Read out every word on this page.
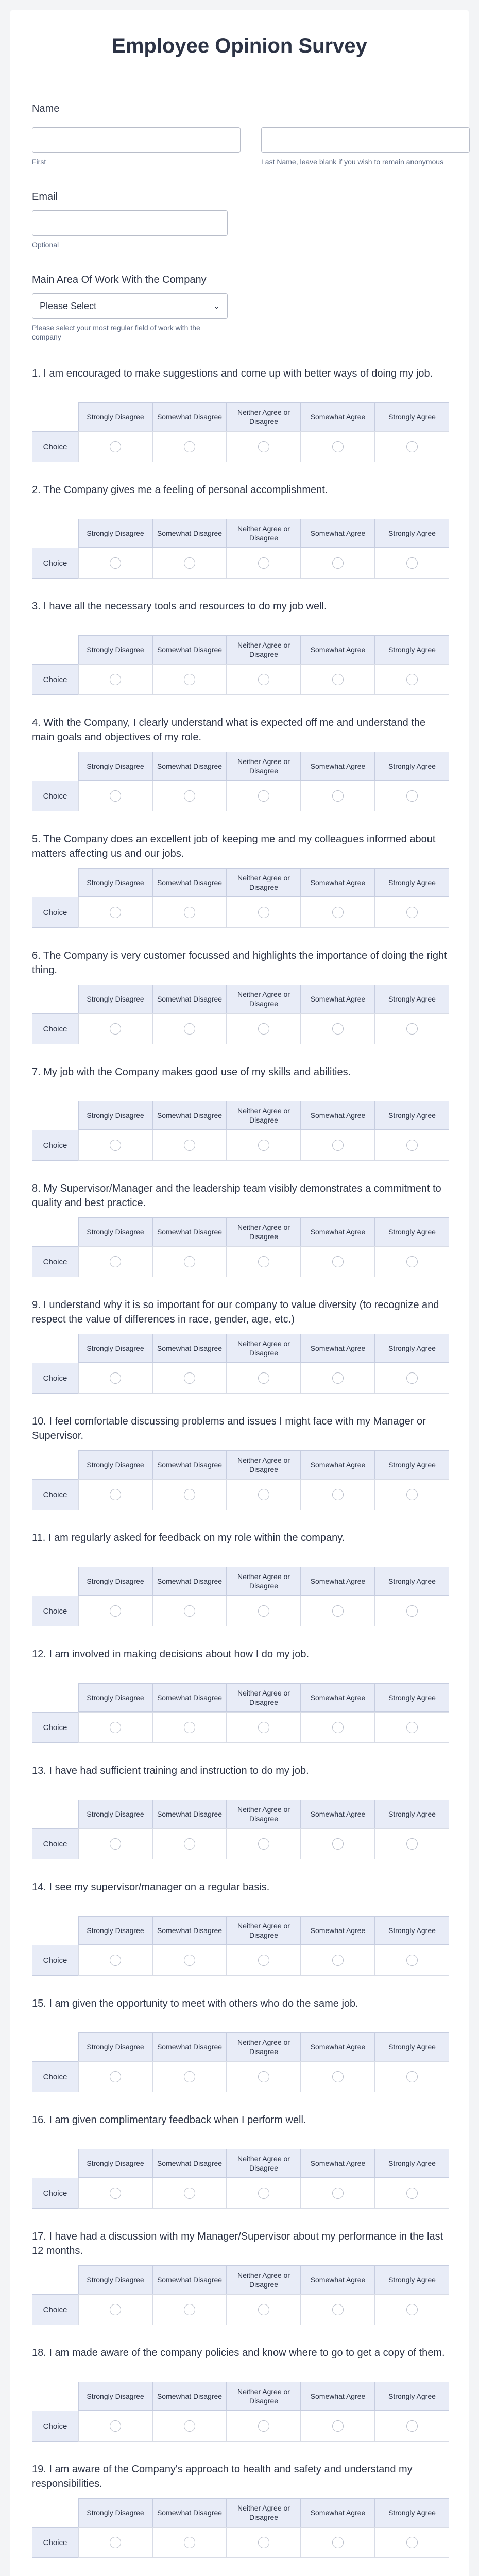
Employee Opinion Survey
Name
First	Last Name, leave blank if you wish to remain anonymous
Email
Optional
Main Area Of Work With the Company
Please Select	⌄
Please select your most regular field of work with the company
1. I am encouraged to make suggestions and come up with better ways of doing my job.
	Strongly Disagree	Somewhat Disagree	Neither Agree or Disagree	Somewhat Agree	Strongly Agree
Choice					
2. The Company gives me a feeling of personal accomplishment.
	Strongly Disagree	Somewhat Disagree	Neither Agree or Disagree	Somewhat Agree	Strongly Agree
Choice					
3. I have all the necessary tools and resources to do my job well.
	Strongly Disagree	Somewhat Disagree	Neither Agree or Disagree	Somewhat Agree	Strongly Agree
Choice					
4. With the Company, I clearly understand what is expected off me and understand the main goals and objectives of my role.
	Strongly Disagree	Somewhat Disagree	Neither Agree or Disagree	Somewhat Agree	Strongly Agree
Choice					
5. The Company does an excellent job of keeping me and my colleagues informed about matters affecting us and our jobs.
	Strongly Disagree	Somewhat Disagree	Neither Agree or Disagree	Somewhat Agree	Strongly Agree
Choice					
6. The Company is very customer focussed and highlights the importance of doing the right thing.
	Strongly Disagree	Somewhat Disagree	Neither Agree or Disagree	Somewhat Agree	Strongly Agree
Choice					
7. My job with the Company makes good use of my skills and abilities.
	Strongly Disagree	Somewhat Disagree	Neither Agree or Disagree	Somewhat Agree	Strongly Agree
Choice					
8. My Supervisor/Manager and the leadership team visibly demonstrates a commitment to quality and best practice.
	Strongly Disagree	Somewhat Disagree	Neither Agree or Disagree	Somewhat Agree	Strongly Agree
Choice					
9. I understand why it is so important for our company to value diversity (to recognize and respect the value of differences in race, gender, age, etc.)
	Strongly Disagree	Somewhat Disagree	Neither Agree or Disagree	Somewhat Agree	Strongly Agree
Choice					
10. I feel comfortable discussing problems and issues I might face with my Manager or Supervisor.
	Strongly Disagree	Somewhat Disagree	Neither Agree or Disagree	Somewhat Agree	Strongly Agree
Choice					
11. I am regularly asked for feedback on my role within the company.
	Strongly Disagree	Somewhat Disagree	Neither Agree or Disagree	Somewhat Agree	Strongly Agree
Choice					
12. I am involved in making decisions about how I do my job.
	Strongly Disagree	Somewhat Disagree	Neither Agree or Disagree	Somewhat Agree	Strongly Agree
Choice					
13. I have had sufficient training and instruction to do my job.
	Strongly Disagree	Somewhat Disagree	Neither Agree or Disagree	Somewhat Agree	Strongly Agree
Choice					
14. I see my supervisor/manager on a regular basis.
	Strongly Disagree	Somewhat Disagree	Neither Agree or Disagree	Somewhat Agree	Strongly Agree
Choice					
15. I am given the opportunity to meet with others who do the same job.
	Strongly Disagree	Somewhat Disagree	Neither Agree or Disagree	Somewhat Agree	Strongly Agree
Choice					
16. I am given complimentary feedback when I perform well.
	Strongly Disagree	Somewhat Disagree	Neither Agree or Disagree	Somewhat Agree	Strongly Agree
Choice					
17. I have had a discussion with my Manager/Supervisor about my performance in the last 12 months.
	Strongly Disagree	Somewhat Disagree	Neither Agree or Disagree	Somewhat Agree	Strongly Agree
Choice					
18. I am made aware of the company policies and know where to go to get a copy of them.
	Strongly Disagree	Somewhat Disagree	Neither Agree or Disagree	Somewhat Agree	Strongly Agree
Choice					
19. I am aware of the Company's approach to health and safety and understand my responsibilities.
	Strongly Disagree	Somewhat Disagree	Neither Agree or Disagree	Somewhat Agree	Strongly Agree
Choice					
